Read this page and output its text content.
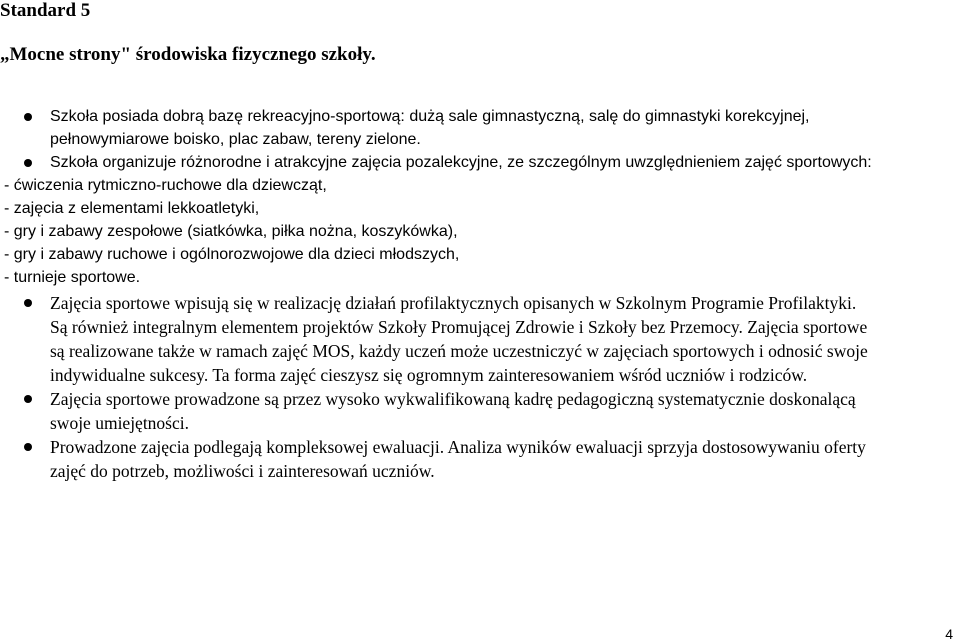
Standard 5
„Mocne strony" środowiska fizycznego szkoły.
Szkoła posiada dobrą bazę rekreacyjno-sportową: dużą sale gimnastyczną, salę do gimnastyki korekcyjnej,
pełnowymiarowe boisko, plac zabaw, tereny zielone.
Szkoła organizuje różnorodne i atrakcyjne zajęcia pozalekcyjne, ze szczególnym uwzględnieniem zajęć sportowych:
- ćwiczenia rytmiczno-ruchowe dla dziewcząt,
- zajęcia z elementami lekkoatletyki,
- gry i zabawy zespołowe (siatkówka, piłka nożna, koszykówka),
- gry i zabawy ruchowe i ogólnorozwojowe dla dzieci młodszych,
- turnieje sportowe.
Zajęcia sportowe wpisują się w realizację działań profilaktycznych opisanych w Szkolnym Programie Profilaktyki.
Są również integralnym elementem projektów Szkoły Promującej Zdrowie i Szkoły bez Przemocy. Zajęcia sportowe
są realizowane także w ramach zajęć MOS, każdy uczeń może uczestniczyć w zajęciach sportowych i odnosić swoje
indywidualne sukcesy. Ta forma zajęć cieszysz się ogromnym zainteresowaniem wśród uczniów i rodziców.
Zajęcia sportowe prowadzone są przez wysoko wykwalifikowaną kadrę pedagogiczną systematycznie doskonalącą
swoje umiejętności.
Prowadzone zajęcia podlegają kompleksowej ewaluacji. Analiza wyników ewaluacji sprzyja dostosowywaniu oferty
zajęć do potrzeb, możliwości i zainteresowań uczniów.
4
